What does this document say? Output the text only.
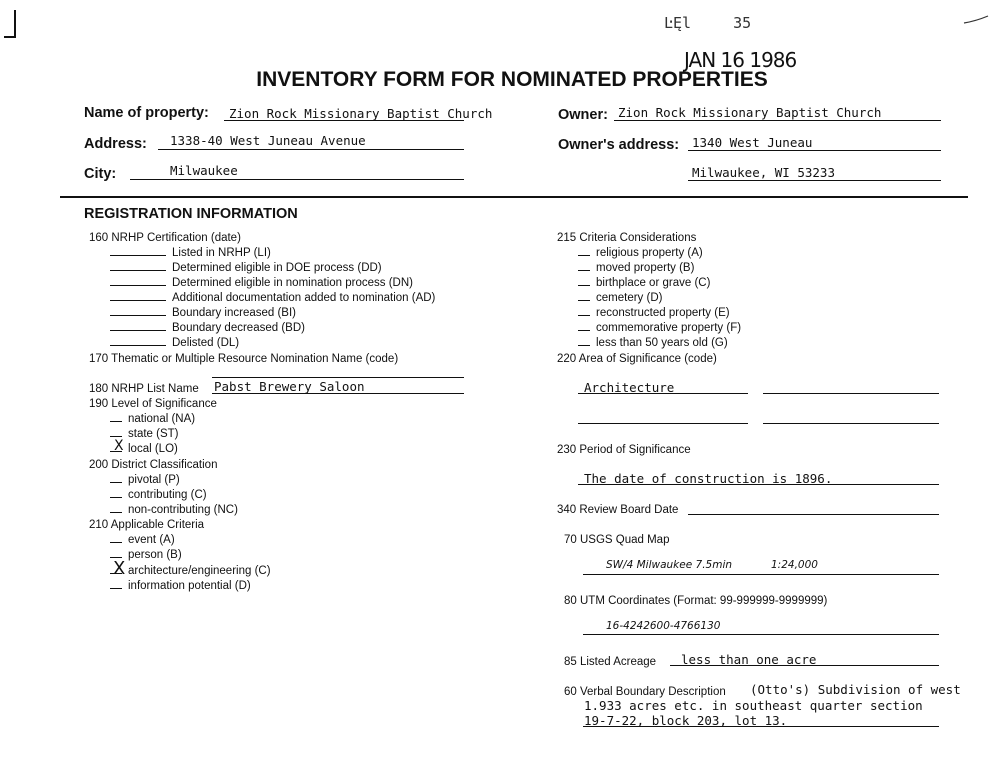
ĿĘl	35
JAN 16 1986
INVENTORY FORM FOR NOMINATED PROPERTIES
Name of property: Zion Rock Missionary Baptist Church
Address: 1338-40 West Juneau Avenue
City:	Milwaukee
Owner: Zion Rock Missionary Baptist Church
Owner's address: 1340 West Juneau
Milwaukee, WI 53233
REGISTRATION INFORMATION
160 NRHP Certification (date)
Listed in NRHP (LI)
Determined eligible in DOE process (DD)
Determined eligible in nomination process (DN)
Additional documentation added to nomination (AD)
Boundary increased (BI)
Boundary decreased (BD)
Delisted (DL)
170 Thematic or Multiple Resource Nomination Name (code)
180 NRHP List Name Pabst Brewery Saloon
190 Level of Significance
national (NA)
state (ST)
local (LO)
X
200 District Classification
pivotal (P)
contributing (C)
non-contributing (NC)
210 Applicable Criteria
event (A)
person (B)
architecture/engineering (C)
X
information potential (D)
215 Criteria Considerations
religious property (A)
moved property (B)
birthplace or grave (C)
cemetery (D)
reconstructed property (E)
commemorative property (F)
less than 50 years old (G)
220 Area of Significance (code)
Architecture
230 Period of Significance
The date of construction is 1896.
340 Review Board Date
70 USGS Quad Map
SW/4 Milwaukee 7.5min	1:24,000
80 UTM Coordinates (Format: 99-999999-9999999)
16-4242600-4766130
85 Listed Acreage less than one acre
60 Verbal Boundary Description (Otto's) Subdivision of west
1.933 acres etc. in southeast quarter section
19-7-22, block 203, lot 13.
